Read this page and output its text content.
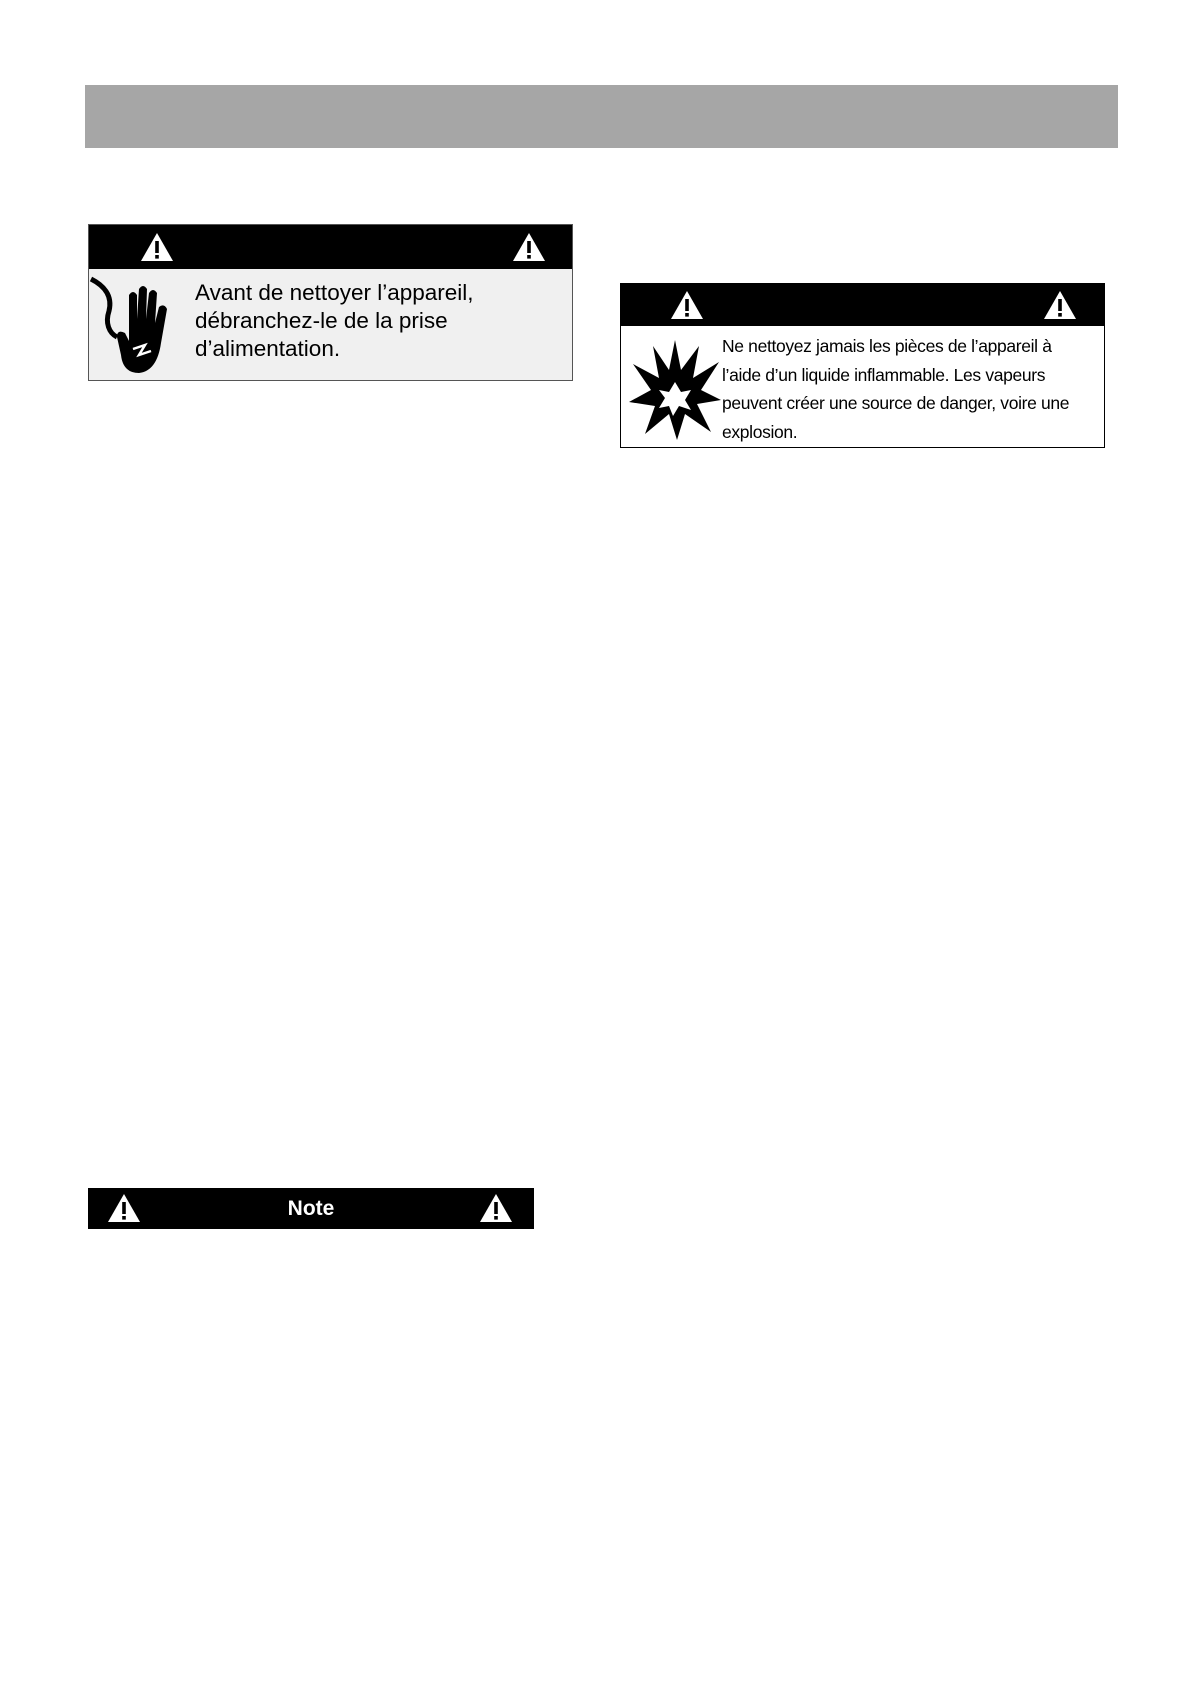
Avant de nettoyer l’appareil,
débranchez-le de la prise
d’alimentation.	Ne nettoyez jamais les pièces de l’appareil à
l’aide d’un liquide inflammable. Les vapeurs
peuvent créer une source de danger, voire une
explosion.
Note
